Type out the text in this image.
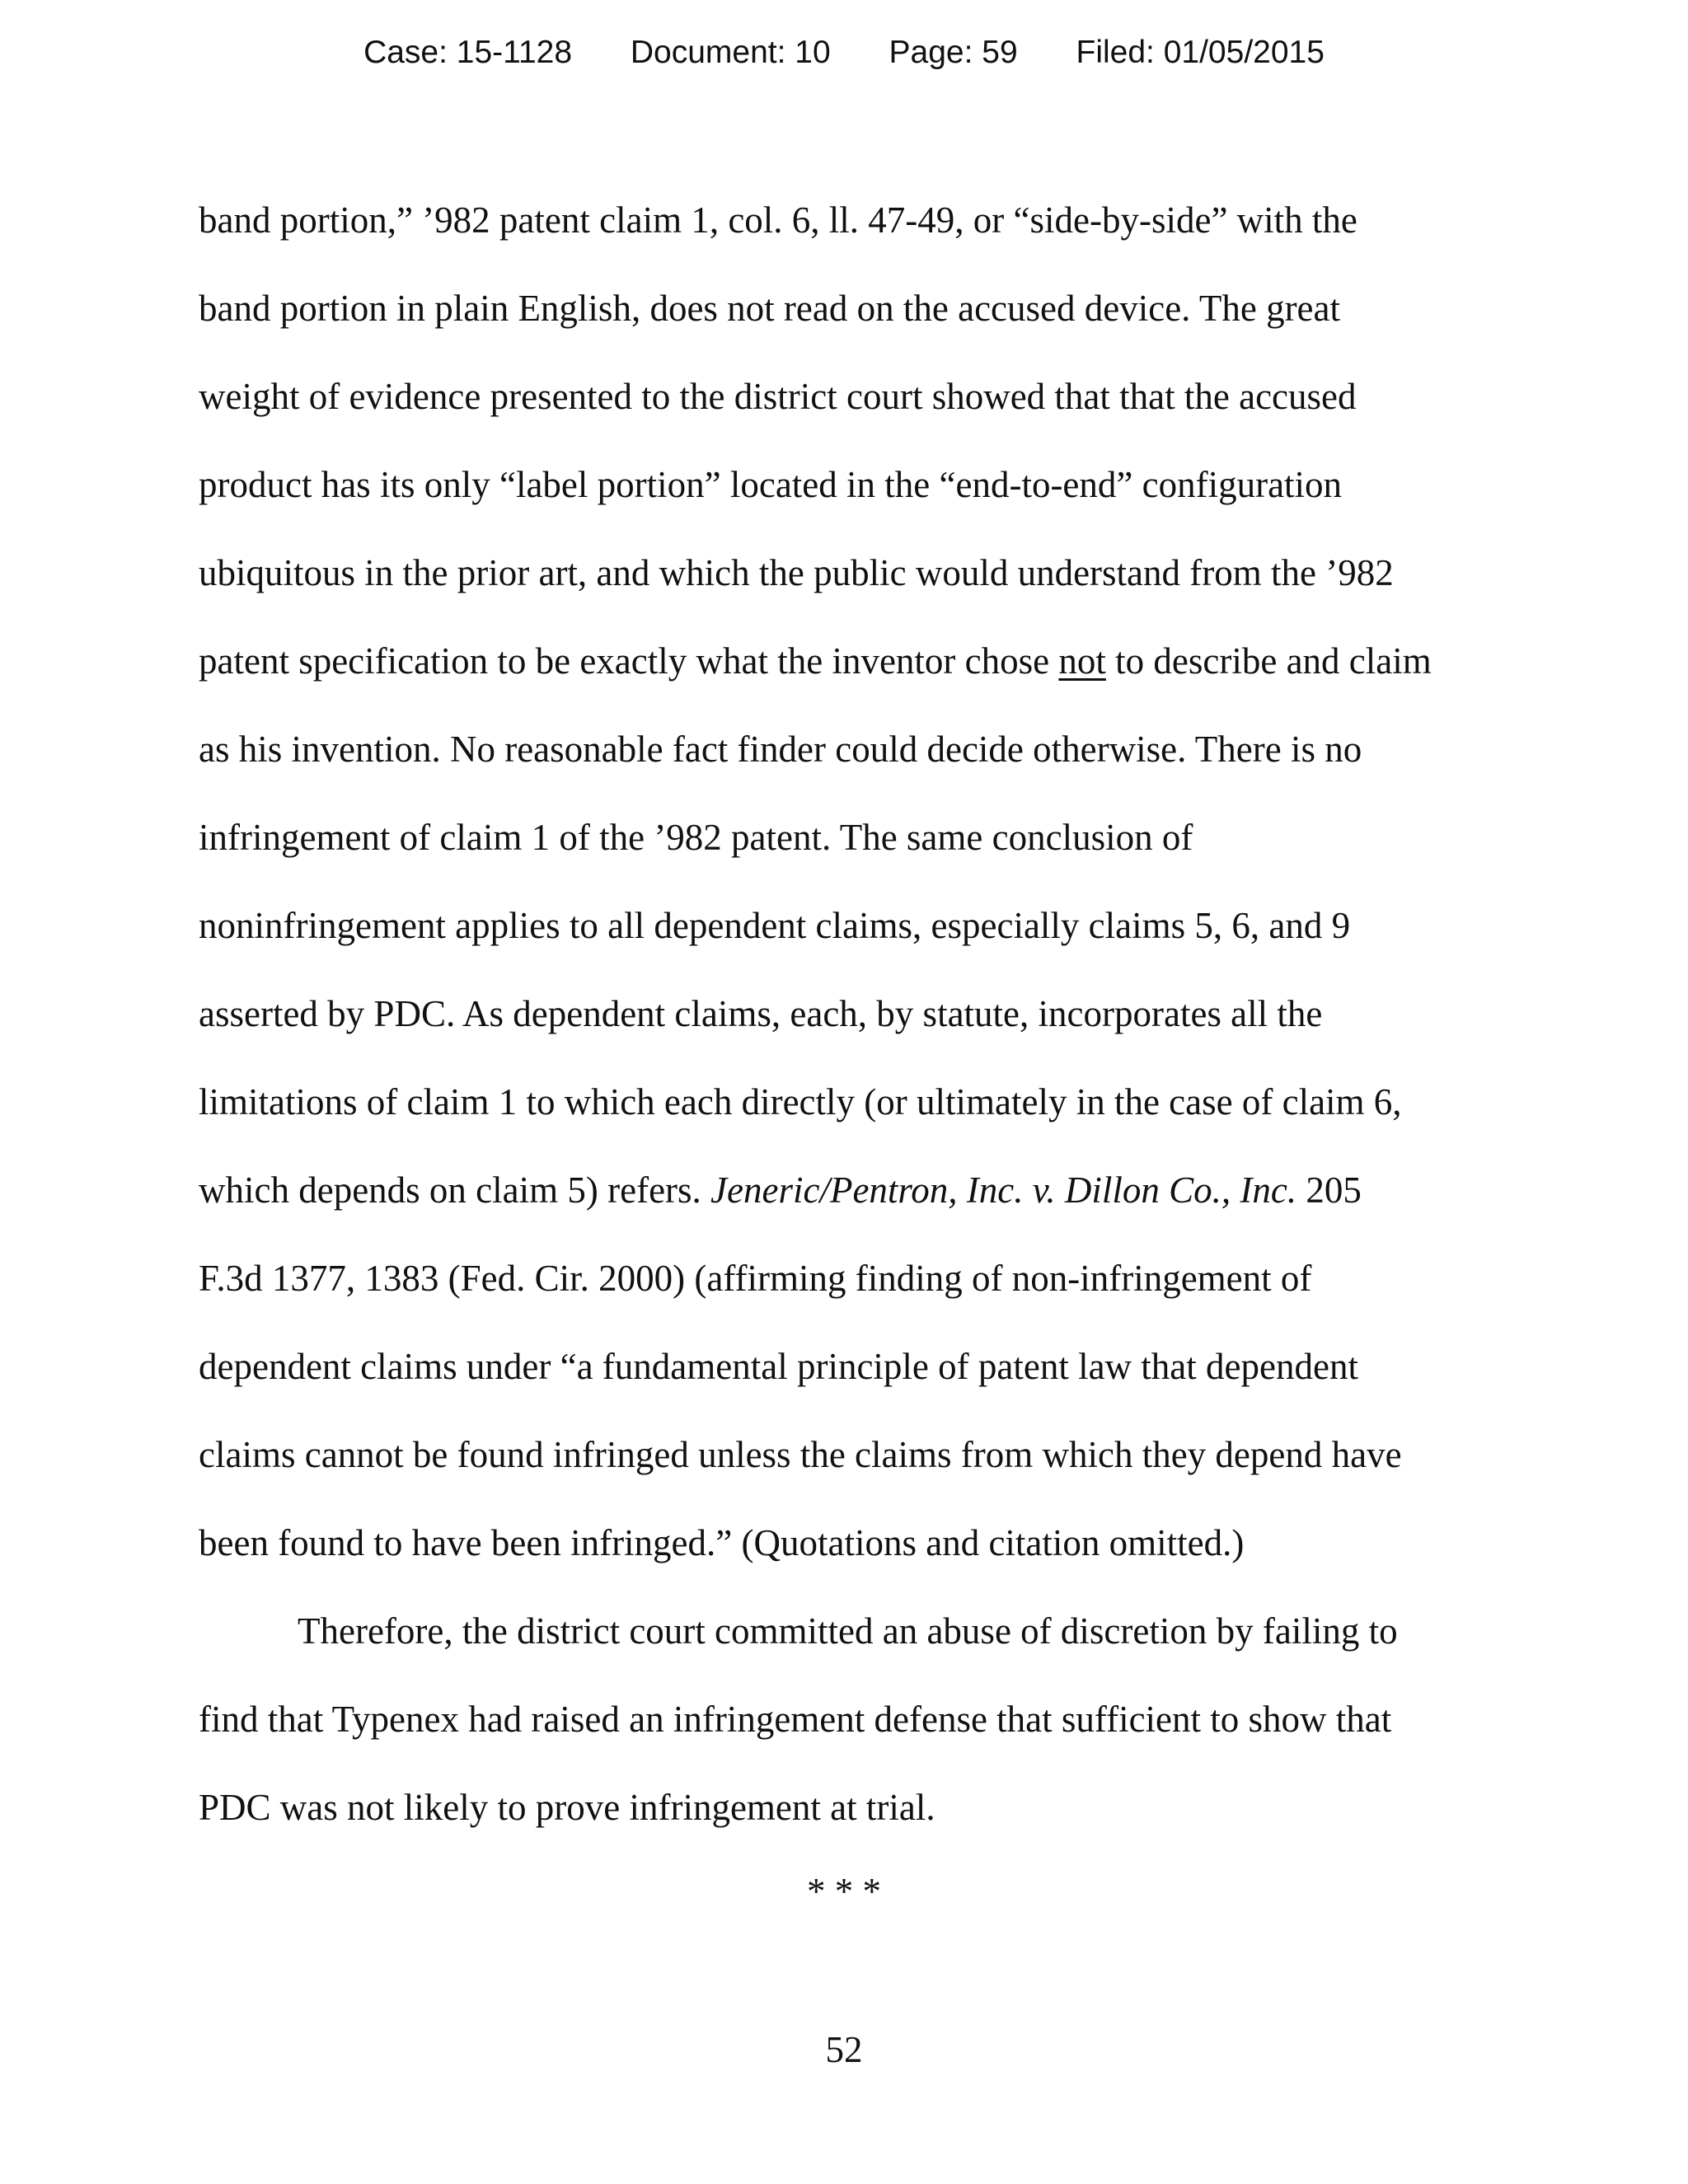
Case: 15-1128 Document: 10 Page: 59 Filed: 01/05/2015
band portion,” ’982 patent claim 1, col. 6, ll. 47-49, or “side-by-side” with the
band portion in plain English, does not read on the accused device. The great
weight of evidence presented to the district court showed that that the accused
product has its only “label portion” located in the “end-to-end” configuration
ubiquitous in the prior art, and which the public would understand from the ’982
patent specification to be exactly what the inventor chose not to describe and claim
as his invention. No reasonable fact finder could decide otherwise. There is no
infringement of claim 1 of the ’982 patent. The same conclusion of
noninfringement applies to all dependent claims, especially claims 5, 6, and 9
asserted by PDC. As dependent claims, each, by statute, incorporates all the
limitations of claim 1 to which each directly (or ultimately in the case of claim 6,
which depends on claim 5) refers. Jeneric/Pentron, Inc. v. Dillon Co., Inc. 205
F.3d 1377, 1383 (Fed. Cir. 2000) (affirming finding of non-infringement of
dependent claims under “a fundamental principle of patent law that dependent
claims cannot be found infringed unless the claims from which they depend have
been found to have been infringed.” (Quotations and citation omitted.)
Therefore, the district court committed an abuse of discretion by failing to
find that Typenex had raised an infringement defense that sufficient to show that
PDC was not likely to prove infringement at trial.
* * *
52
